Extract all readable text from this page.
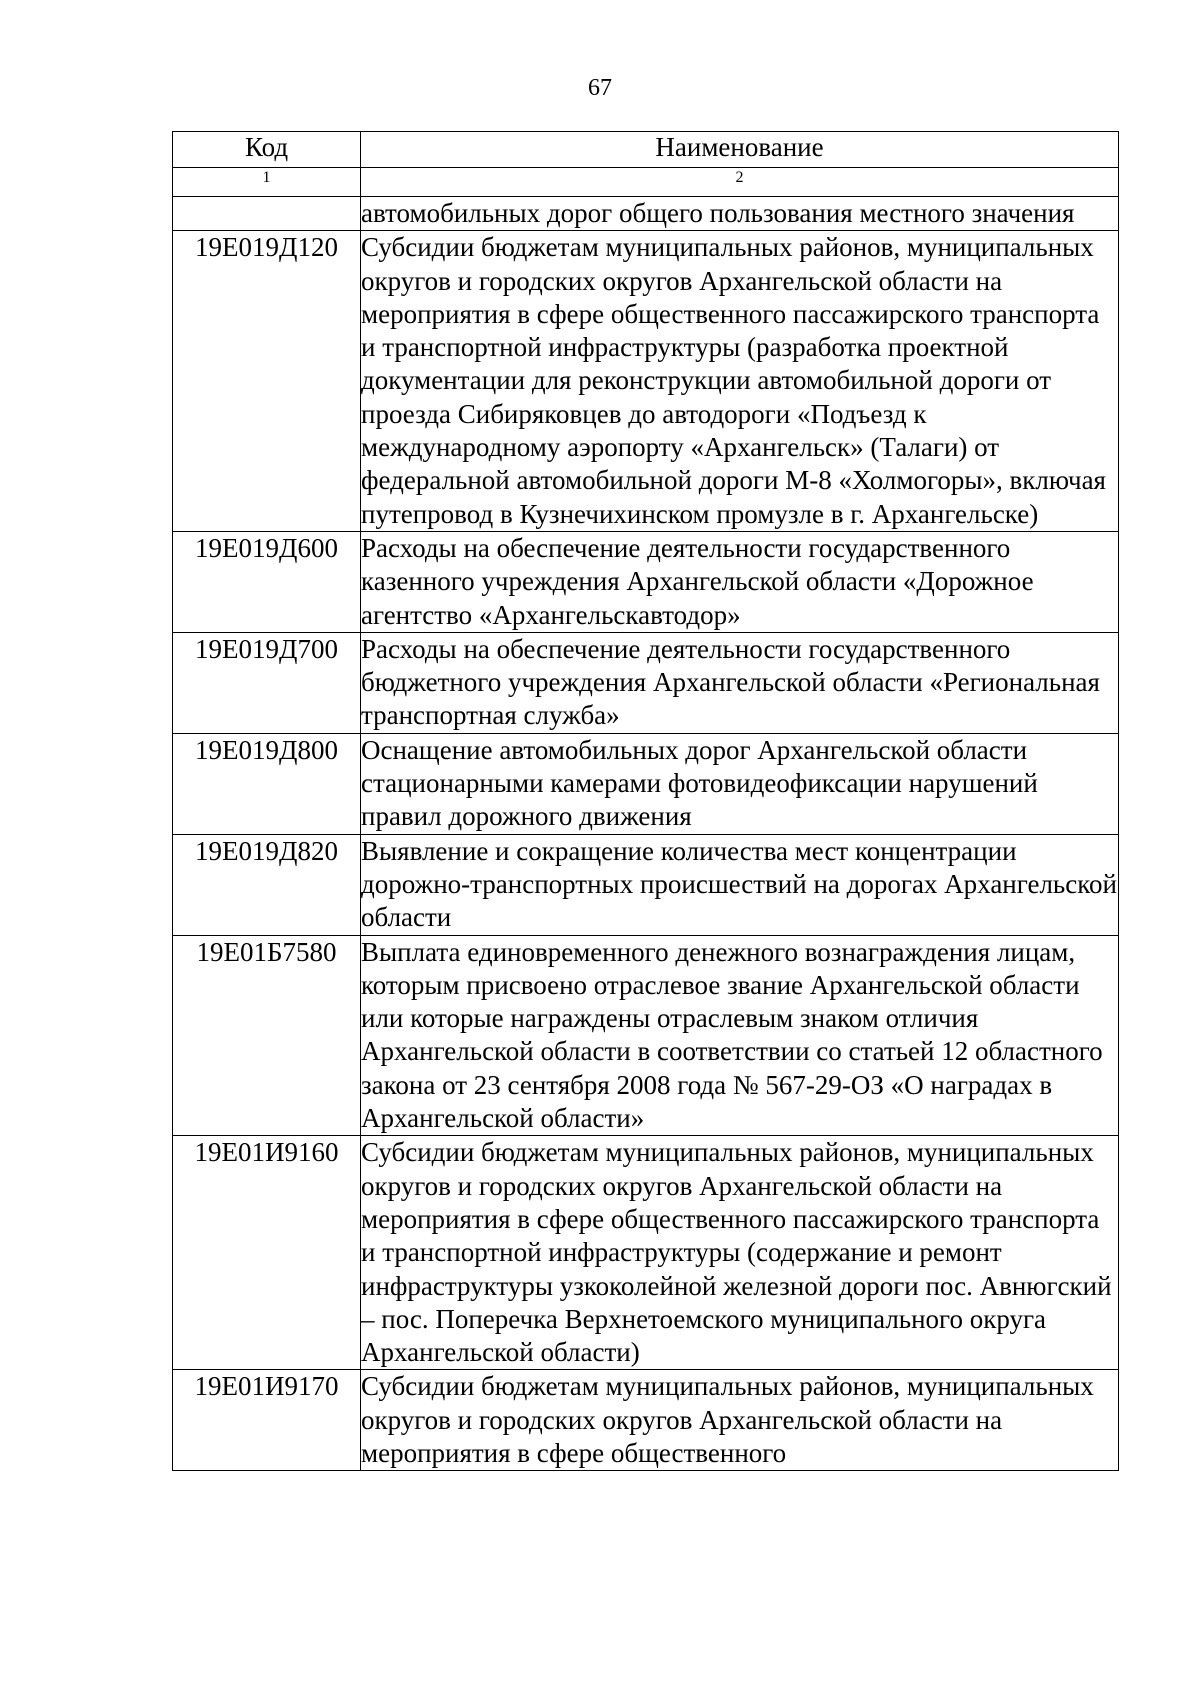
67
Код	Наименование
1	2
	автомобильных дорог общего пользования местного значения
19Е019Д120	Субсидии бюджетам муниципальных районов, муниципальных округов и городских округов Архангельской области на мероприятия в сфере общественного пассажирского транспорта и транспортной инфраструктуры (разработка проектной документации для реконструкции автомобильной дороги от проезда Сибиряковцев до автодороги «Подъезд к международному аэропорту «Архангельск» (Талаги) от федеральной автомобильной дороги М-8 «Холмогоры», включая путепровод в Кузнечихинском промузле в г. Архангельске)
19Е019Д600	Расходы на обеспечение деятельности государственного казенного учреждения Архангельской области «Дорожное агентство «Архангельскавтодор»
19Е019Д700	Расходы на обеспечение деятельности государственного бюджетного учреждения Архангельской области «Региональная транспортная служба»
19Е019Д800	Оснащение автомобильных дорог Архангельской области стационарными камерами фотовидеофиксации нарушений правил дорожного движения
19Е019Д820	Выявление и сокращение количества мест концентрации дорожно-транспортных происшествий на дорогах Архангельской области
19Е01Б7580	Выплата единовременного денежного вознаграждения лицам, которым присвоено отраслевое звание Архангельской области или которые награждены отраслевым знаком отличия Архангельской области в соответствии со статьей 12 областного закона от 23 сентября 2008 года № 567-29-ОЗ «О наградах в Архангельской области»
19Е01И9160	Субсидии бюджетам муниципальных районов, муниципальных округов и городских округов Архангельской области на мероприятия в сфере общественного пассажирского транспорта и транспортной инфраструктуры (содержание и ремонт инфраструктуры узкоколейной железной дороги пос. Авнюгский – пос. Поперечка Верхнетоемского муниципального округа Архангельской области)
19Е01И9170	Субсидии бюджетам муниципальных районов, муниципальных округов и городских округов Архангельской области на мероприятия в сфере общественного
